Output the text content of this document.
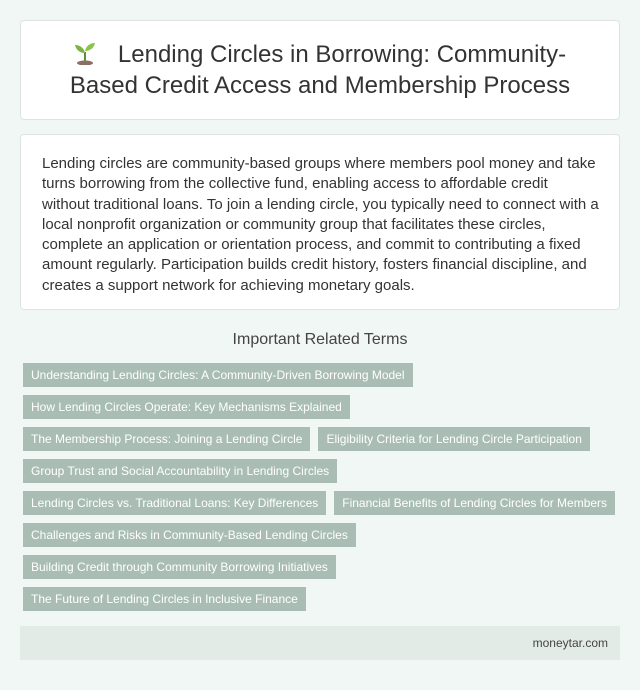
Lending Circles in Borrowing: Community-Based Credit Access and Membership Process

Lending circles are community-based groups where members pool money and take turns borrowing from the collective fund, enabling access to affordable credit without traditional loans. To join a lending circle, you typically need to connect with a local nonprofit organization or community group that facilitates these circles, complete an application or orientation process, and commit to contributing a fixed amount regularly. Participation builds credit history, fosters financial discipline, and creates a support network for achieving monetary goals.

Important Related Terms
Understanding Lending Circles: A Community-Driven Borrowing Model
How Lending Circles Operate: Key Mechanisms Explained
The Membership Process: Joining a Lending Circle	Eligibility Criteria for Lending Circle Participation
Group Trust and Social Accountability in Lending Circles
Lending Circles vs. Traditional Loans: Key Differences	Financial Benefits of Lending Circles for Members
Challenges and Risks in Community-Based Lending Circles
Building Credit through Community Borrowing Initiatives
The Future of Lending Circles in Inclusive Finance
moneytar.com
